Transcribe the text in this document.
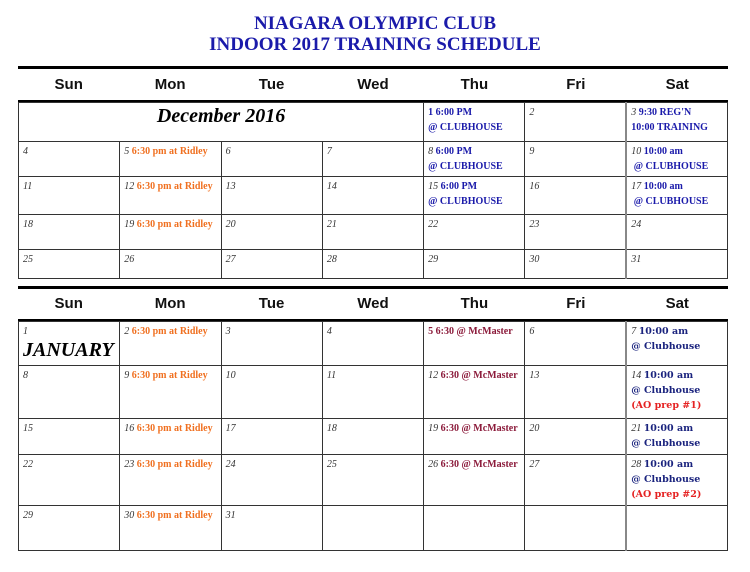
NIAGARA OLYMPIC CLUB
INDOOR 2017 TRAINING SCHEDULE
Sun	Mon	Tue	Wed	Thu	Fri	Sat
December 2016				1 6:00 PM
@ CLUBHOUSE	2	3 9:30 REG'N
10:00 TRAINING
4	5 6:30 pm at Ridley	6	7	8 6:00 PM
@ CLUBHOUSE	9	10 10:00 am
@ CLUBHOUSE
11	12 6:30 pm at Ridley	13	14	15 6:00 PM
@ CLUBHOUSE	16	17 10:00 am
@ CLUBHOUSE
18	19 6:30 pm at Ridley	20	21	22	23	24
25	26	27	28	29	30	31
Sun	Mon	Tue	Wed	Thu	Fri	Sat
1
JANUARY	2 6:30 pm at Ridley	3	4	5 6:30 @ McMaster	6	7 10:00 am
@ Clubhouse
8	9 6:30 pm at Ridley	10	11	12 6:30 @ McMaster	13	14 10:00 am
@ Clubhouse
(AO prep #1)
15	16 6:30 pm at Ridley	17	18	19 6:30 @ McMaster	20	21 10:00 am
@ Clubhouse
22	23 6:30 pm at Ridley	24	25	26 6:30 @ McMaster	27	28 10:00 am
@ Clubhouse
(AO prep #2)
29	30 6:30 pm at Ridley	31				
